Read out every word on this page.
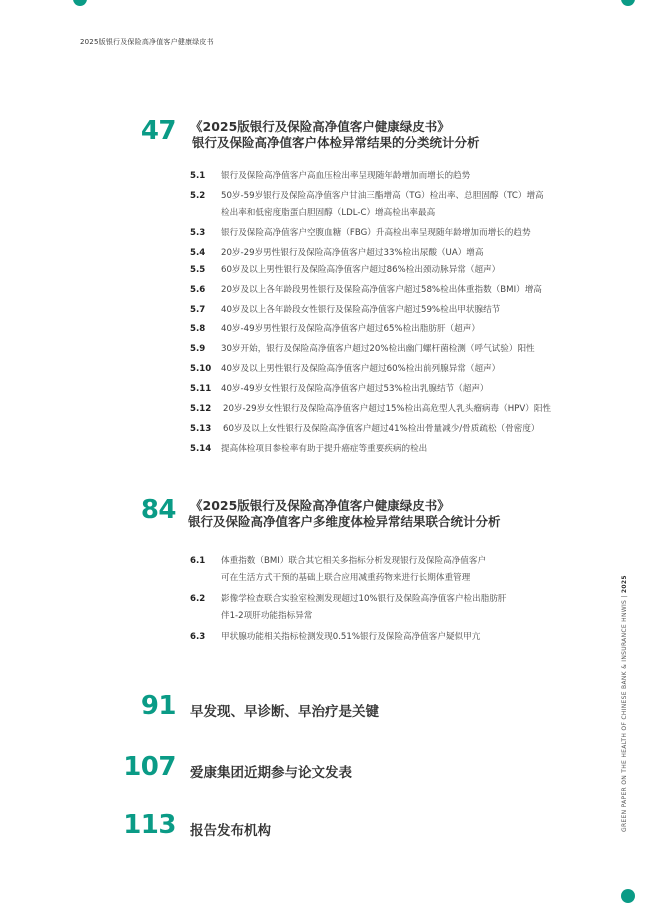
2025版银行及保险高净值客户健康绿皮书
47 《2025版银行及保险高净值客户健康绿皮书》
银行及保险高净值客户体检异常结果的分类统计分析
5.1 银行及保险高净值客户高血压检出率呈现随年龄增加而增长的趋势
5.2 50岁-59岁银行及保险高净值客户甘油三酯增高（TG）检出率、总胆固醇（TC）增高
检出率和低密度脂蛋白胆固醇（LDL-C）增高检出率最高
5.3 银行及保险高净值客户空腹血糖（FBG）升高检出率呈现随年龄增加而增长的趋势
5.4 20岁-29岁男性银行及保险高净值客户超过33%检出尿酸（UA）增高
5.5 60岁及以上男性银行及保险高净值客户超过86%检出颈动脉异常（超声）
5.6 20岁及以上各年龄段男性银行及保险高净值客户超过58%检出体重指数（BMI）增高
5.7 40岁及以上各年龄段女性银行及保险高净值客户超过59%检出甲状腺结节
5.8 40岁-49岁男性银行及保险高净值客户超过65%检出脂肪肝（超声）
5.9 30岁开始，银行及保险高净值客户超过20%检出幽门螺杆菌检测（呼气试验）阳性
5.10 40岁及以上男性银行及保险高净值客户超过60%检出前列腺异常（超声）
5.11 40岁-49岁女性银行及保险高净值客户超过53%检出乳腺结节（超声）
5.12 20岁-29岁女性银行及保险高净值客户超过15%检出高危型人乳头瘤病毒（HPV）阳性
5.13 60岁及以上女性银行及保险高净值客户超过41%检出骨量减少/骨质疏松（骨密度）
5.14 提高体检项目参检率有助于提升癌症等重要疾病的检出
84 《2025版银行及保险高净值客户健康绿皮书》
银行及保险高净值客户多维度体检异常结果联合统计分析
6.1 体重指数（BMI）联合其它相关多指标分析发现银行及保险高净值客户
可在生活方式干预的基础上联合应用减重药物来进行长期体重管理
6.2 影像学检查联合实验室检测发现超过10%银行及保险高净值客户检出脂肪肝
伴1-2项肝功能指标异常
6.3 甲状腺功能相关指标检测发现0.51%银行及保险高净值客户疑似甲亢
91 早发现、早诊断、早治疗是关键
107 爱康集团近期参与论文发表
113 报告发布机构	GREEN PAPER ON THE HEALTH OF CHINESE BANK & INSURANCE HNWIS | 2025
